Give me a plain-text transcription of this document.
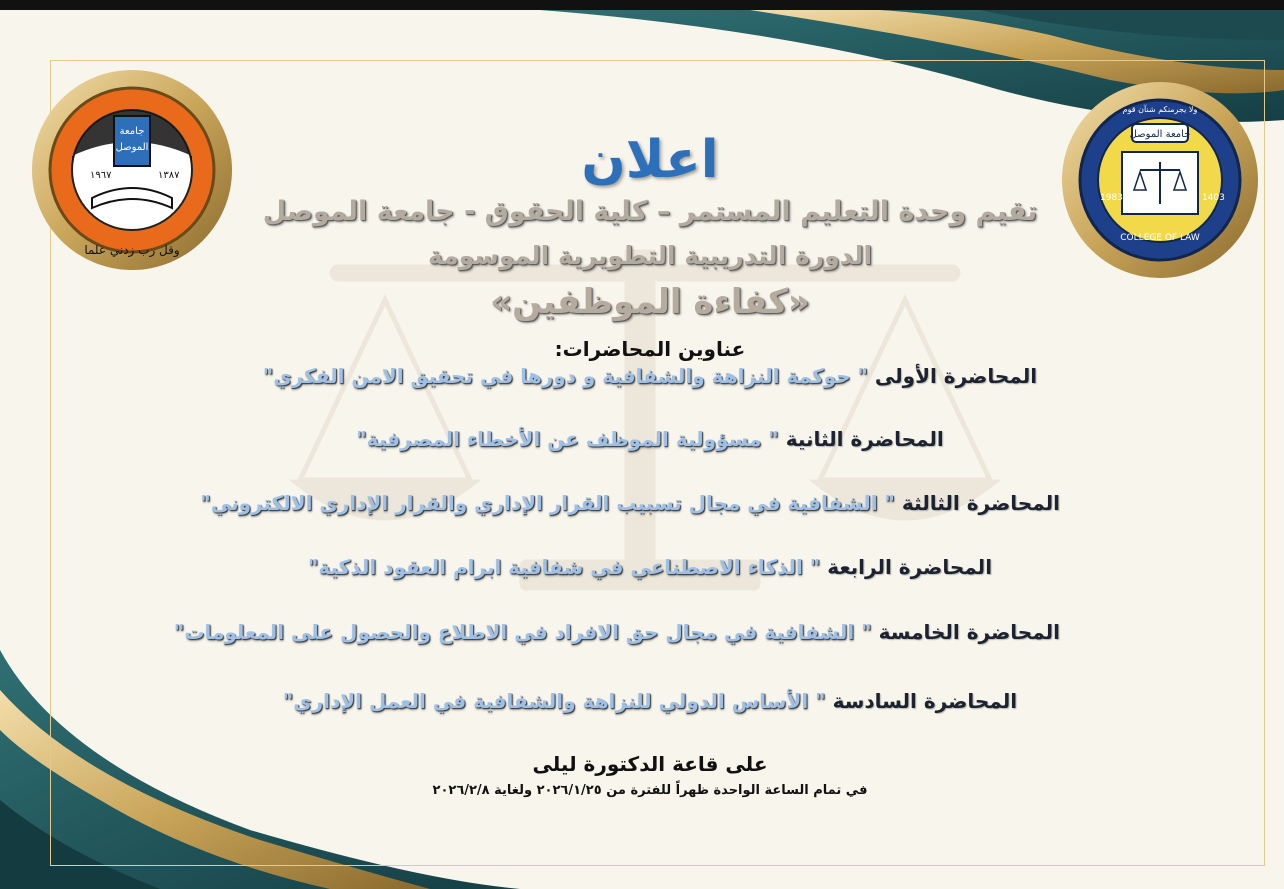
جامعة
الموصل
وقل رب زدني علما
١٩٦٧	١٣٨٧
جامعة الموصل
COLLEGE OF LAW
1983	1403
ولا يجرمنكم شنآن قوم
اعلان
تقيم وحدة التعليم المستمر – كلية الحقوق - جامعة الموصل
الدورة التدريبية التطويرية الموسومة
«كفاءة الموظفين»
عناوين المحاضرات:
المحاضرة الأولى " حوكمة النزاهة والشفافية و دورها في تحقيق الامن الفكري"
المحاضرة الثانية " مسؤولية الموظف عن الأخطاء المصرفية"
المحاضرة الثالثة " الشفافية في مجال تسبيب القرار الإداري والقرار الإداري الالكتروني"
المحاضرة الرابعة " الذكاء الاصطناعي في شفافية ابرام العقود الذكية"
المحاضرة الخامسة " الشفافية في مجال حق الافراد في الاطلاع والحصول على المعلومات"
المحاضرة السادسة " الأساس الدولي للنزاهة والشفافية في العمل الإداري"
على قاعة الدكتورة ليلى
في تمام الساعة الواحدة ظهراً للفترة من ٢٠٢٦/١/٢٥ ولغاية ٢٠٢٦/٢/٨
